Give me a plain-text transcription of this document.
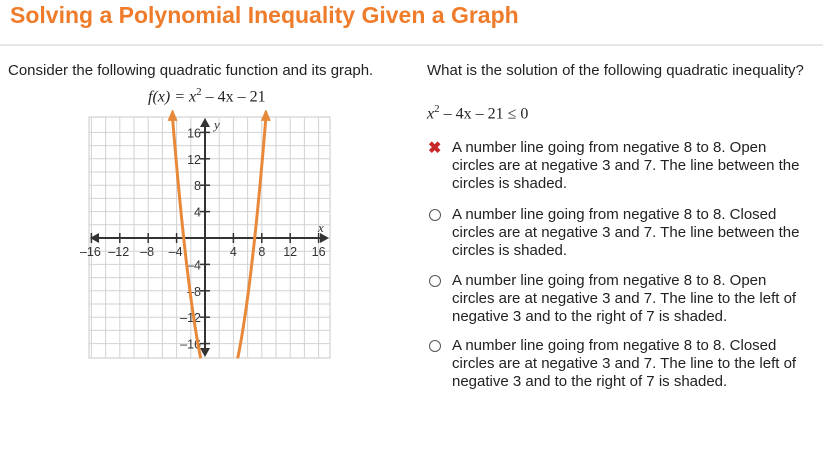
Solving a Polynomial Inequality Given a Graph
Consider the following quadratic function and its graph.
$f(x) = x^2 - 4x - 21$
–16 –12 –8 –4	4 8 12 16
16
12
8
4
–4
–8
–12
–16
x
y
What is the solution of the following quadratic inequality?
$x^2 - 4x - 21 \le 0$
✖ A number line going from negative 8 to 8. Open circles are at negative 3 and 7. The line between the circles is shaded.
A number line going from negative 8 to 8. Closed circles are at negative 3 and 7. The line between the circles is shaded.
A number line going from negative 8 to 8. Open circles are at negative 3 and 7. The line to the left of negative 3 and to the right of 7 is shaded.
A number line going from negative 8 to 8. Closed circles are at negative 3 and 7. The line to the left of negative 3 and to the right of 7 is shaded.
